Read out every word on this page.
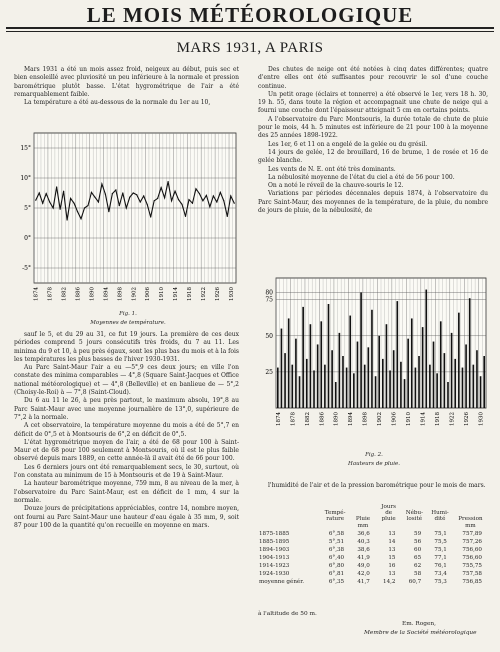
LE MOIS MÉTÉOROLOGIQUE
MARS 1931, A PARIS

Mars 1931 a été un mois assez froid, neigeux au début, puis sec et bien ensoleillé avec pluviosité un peu inférieure à la normale et pression barométrique plutôt basse. L'état hygrométrique de l'air a été remarquablement faible.

La température a été au-dessous de la normale du 1er au 10,

15°
10°
5°
0°
-5°
1874 1878 1882 1886 1890 1894 1898 1902 1906 1910 1914 1918 1922 1926 1930
Fig. 1.
Moyennes de température.

sauf le 5, et du 29 au 31, ce fut 19 jours. La première de ces deux périodes comprend 5 jours consécutifs très froids, du 7 au 11. Les minima du 9 et 10, à peu près égaux, sont les plus bas du mois et à la fois les températures les plus basses de l'hiver 1930-1931.

Au Parc Saint-Maur l'air a eu —5°,9 ces deux jours; en ville l'on constate des minima comparables — 4°,8 (Square Saint-Jacques et Office national météorologique) et — 4°,8 (Belleville) et en banlieue de — 5°,2 (Choisy-le-Roi) à — 7°,8 (Saint-Cloud).

Du 6 au 11 le 26, à peu près partout, le maximum absolu, 19°,8 au Parc Saint-Maur avec une moyenne journalière de 13°,0, supérieure de 7°,2 à la normale.

A cet observatoire, la température moyenne du mois a été de 5°,7 en déficit de 0°,5 et à Montsouris de 6°,2 en déficit de 0°,5.

L'état hygrométrique moyen de l'air, a été de 68 pour 100 à Saint-Maur et de 68 pour 100 seulement à Montsouris, où il est le plus faible observé depuis mars 1889, en cette année-là il avait été de 66 pour 100.

Les 6 derniers jours ont été remarquablement secs, le 30, surtout, où l'on constata au minimum de 15 à Montsouris et de 19 à Saint-Maur.

La hauteur barométrique moyenne, 759 mm, 8 au niveau de la mer, à l'observatoire du Parc Saint-Maur, est en déficit de 1 mm, 4 sur la normale.

Douze jours de précipitations appréciables, contre 14, nombre moyen, ont fourni au Parc Saint-Maur une hauteur d'eau égale à 35 mm, 9, soit 87 pour 100 de la quantité qu'on recueille en moyenne en mars.

Des chutes de neige ont été notées à cinq dates différentes; quatre d'entre elles ont été suffisantes pour recouvrir le sol d'une couche continue.

Un petit orage (éclairs et tonnerre) a été observé le 1er, vers 18 h. 30, 19 h. 55, dans toute la région et accompagnait une chute de neige qui a fourni une couche dont l'épaisseur atteignait 5 cm en certains points.

A l'observatoire du Parc Montsouris, la durée totale de chute de pluie pour le mois, 44 h. 5 minutes est inférieure de 21 pour 100 à la moyenne des 25 années 1898-1922.

Les 1er, 6 et 11 on a engelé de la gelée ou du grésil.

14 jours de gelée, 12 de brouillard, 16 de brume, 1 de rosée et 16 de gelée blanche.

Les vents de N. E. ont été très dominants.

La nébulosité moyenne de l'état du ciel a été de 56 pour 100.

On a noté le réveil de la chauve-souris le 12.

Variations par périodes décennales depuis 1874, à l'observatoire du Parc Saint-Maur, des moyennes de la température, de la pluie, du nombre de jours de pluie, de la nébulosité, de

80
75
50
25
1874 1878 1882 1886 1890 1894 1898 1902 1906 1910 1914 1918 1922 1926 1930
Fig. 2.
Hauteurs de pluie.

l'humidité de l'air et de la pression barométrique pour le mois de mars.

	Tempé-
rature	Pluie	Jours
de
pluie	Nébu-
losité	Humi-
dité	Pression
		mm				mm
1875-1885	6°,58	36,6	13	59	75,1	757,89
1885-1895	5°,51	40,3	14	56	75,5	757,26
1894-1903	6°,38	38,6	13	60	75,1	756,60
1904-1913	6°,40	41,9	15	65	77,1	756,60
1914-1923	6°,80	49,0	16	62	76,1	755,75
1924-1930	6°,81	42,0	13	58	73,4	757,58
moyenne génér.	6°,35	41,7	14,2	60,7	75,3	756,85
à l'altitude de 50 m.
Em. Rogen,
Membre de la Société météorologique
